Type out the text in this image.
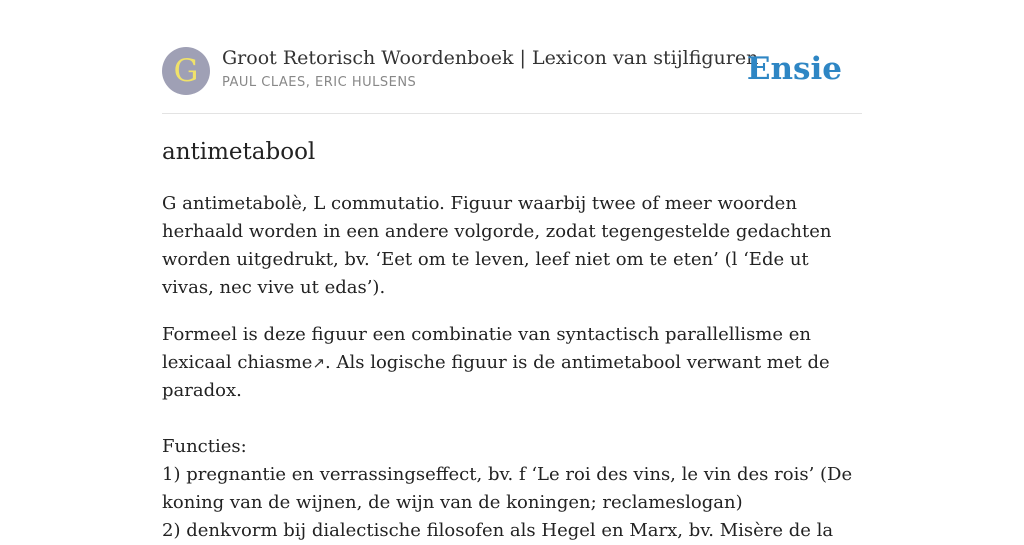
G	Groot Retorisch Woordenboek | Lexicon van stijlfiguren
PAUL CLAES, ERIC HULSENS	Ensie
antimetabool

G antimetabolè, L commutatio. Figuur waarbij twee of meer woorden herhaald worden in een andere volgorde, zodat tegengestelde gedachten worden uitgedrukt, bv. ‘Eet om te leven, leef niet om te eten’ (l ‘Ede ut vivas, nec vive ut edas’).

Formeel is deze figuur een combinatie van syntactisch parallellisme en lexicaal chiasme↗. Als logische figuur is de antimetabool verwant met de paradox.
Functies:
1) pregnantie en verrassingseffect, bv. f ‘Le roi des vins, le vin des rois’ (De koning van de wijnen, de wijn van de koningen; reclameslogan)
2) denkvorm bij dialectische filosofen als Hegel en Marx, bv. Misère de la
